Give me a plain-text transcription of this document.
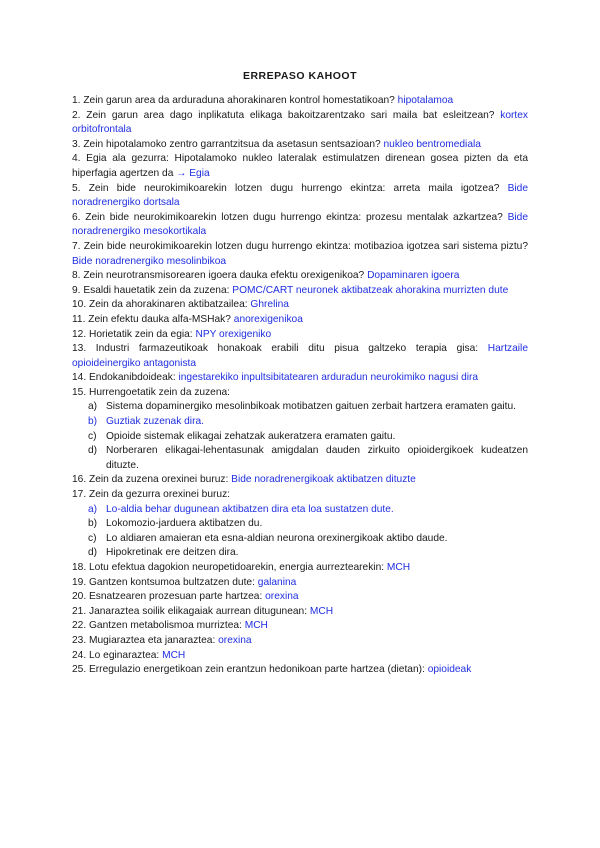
ERREPASO KAHOOT
1. Zein garun area da arduraduna ahorakinaren kontrol homestatikoan? hipotalamoa
2. Zein garun area dago inplikatuta elikaga bakoitzarentzako sari maila bat esleitzean? kortex orbitofrontala
3. Zein hipotalamoko zentro garrantzitsua da asetasun sentsazioan? nukleo bentromediala
4. Egia ala gezurra: Hipotalamoko nukleo lateralak estimulatzen direnean gosea pizten da eta hiperfagia agertzen da → Egia
5. Zein bide neurokimikoarekin lotzen dugu hurrengo ekintza: arreta maila igotzea? Bide noradrenergiko dortsala
6. Zein bide neurokimikoarekin lotzen dugu hurrengo ekintza: prozesu mentalak azkartzea? Bide noradrenergiko mesokortikala
7. Zein bide neurokimikoarekin lotzen dugu hurrengo ekintza: motibazioa igotzea sari sistema piztu? Bide noradrenergiko mesolinbikoa
8. Zein neurotransmisorearen igoera dauka efektu orexigenikoa? Dopaminaren igoera
9. Esaldi hauetatik zein da zuzena: POMC/CART neuronek aktibatzeak ahorakina murrizten dute
10. Zein da ahorakinaren aktibatzailea: Ghrelina
11. Zein efektu dauka alfa-MSHak? anorexigenikoa
12. Horietatik zein da egia: NPY orexigeniko
13. Industri farmazeutikoak honakoak erabili ditu pisua galtzeko terapia gisa: Hartzaile opioideinergiko antagonista
14. Endokanibdoideak: ingestarekiko inpultsibitatearen arduradun neurokimiko nagusi dira
15. Hurrengoetatik zein da zuzena:
a) Sistema dopaminergiko mesolinbikoak motibatzen gaituen zerbait hartzera eramaten gaitu.
b) Guztiak zuzenak dira.
c) Opioide sistemak elikagai zehatzak aukeratzera eramaten gaitu.
d) Norberaren elikagai-lehentasunak amigdalan dauden zirkuito opioidergikoek kudeatzen dituzte.
16. Zein da zuzena orexinei buruz: Bide noradrenergikoak aktibatzen dituzte
17. Zein da gezurra orexinei buruz:
a) Lo-aldia behar dugunean aktibatzen dira eta loa sustatzen dute.
b) Lokomozio-jarduera aktibatzen du.
c) Lo aldiaren amaieran eta esna-aldian neurona orexinergikoak aktibo daude.
d) Hipokretinak ere deitzen dira.
18. Lotu efektua dagokion neuropetidoarekin, energia aurreztearekin: MCH
19. Gantzen kontsumoa bultzatzen dute: galanina
20. Esnatzearen prozesuan parte hartzea: orexina
21. Janaraztea soilik elikagaiak aurrean ditugunean: MCH
22. Gantzen metabolismoa murriztea: MCH
23. Mugiaraztea eta janaraztea: orexina
24. Lo eginaraztea: MCH
25. Erregulazio energetikoan zein erantzun hedonikoan parte hartzea (dietan): opioideak
